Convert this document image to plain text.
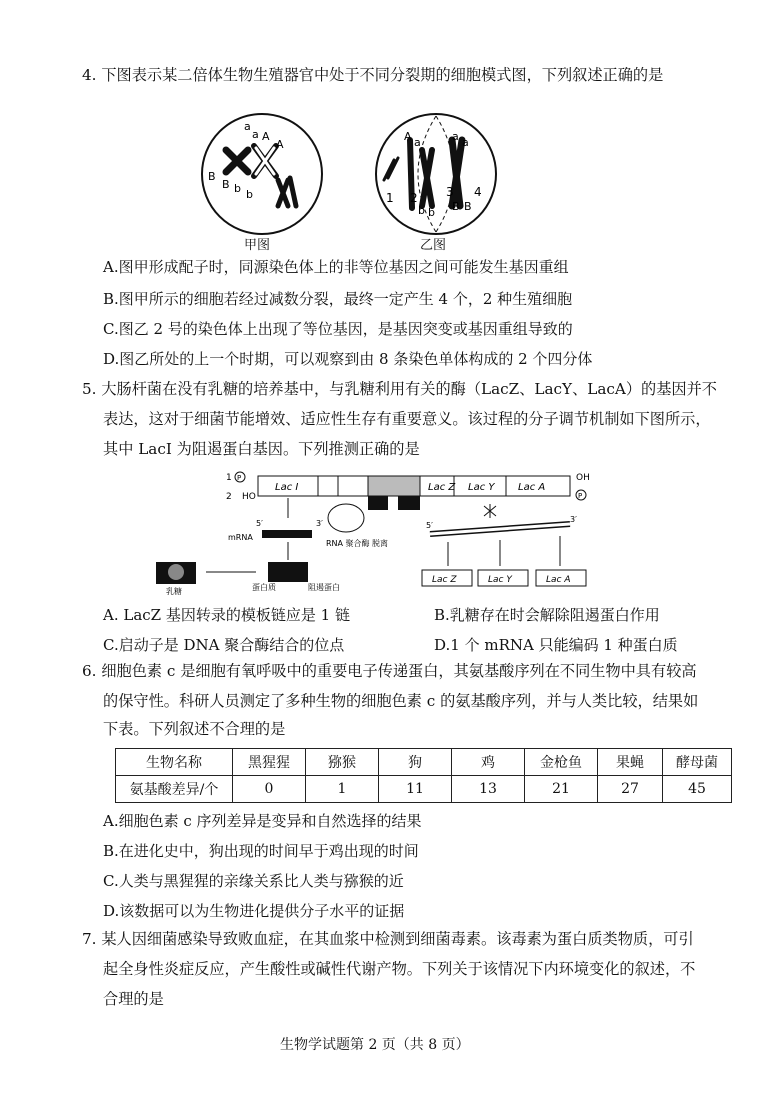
4. 下图表示某二倍体生物生殖器官中处于不同分裂期的细胞模式图，下列叙述正确的是
a
a A
A
B
B b b
甲图
A a	a a
1 2 3 4
b b B B
乙图
A.图甲形成配子时，同源染色体上的非等位基因之间可能发生基因重组
B.图甲所示的细胞若经过减数分裂，最终一定产生 4 个，2 种生殖细胞
C.图乙 2 号的染色体上出现了等位基因，是基因突变或基因重组导致的
D.图乙所处的上一个时期，可以观察到由 8 条染色单体构成的 2 个四分体
5. 大肠杆菌在没有乳糖的培养基中，与乳糖利用有关的酶（LacZ、LacY、LacA）的基因并不
表达，这对于细菌节能增效、适应性生存有重要意义。该过程的分子调节机制如下图所示，
其中 LacI 为阻遏蛋白基因。下列推测正确的是
1
2
P
HO
Lac I	Lac Z Lac Y Lac A
OH
P
5′	3′
mRNA
RNA 聚合酶 脱离
蛋白质	阻遏蛋白
乳糖
5′
3′
Lac Z	Lac Y	Lac A
A. LacZ 基因转录的模板链应是 1 链	B.乳糖存在时会解除阻遏蛋白作用
C.启动子是 DNA 聚合酶结合的位点	D.1 个 mRNA 只能编码 1 种蛋白质
6. 细胞色素 c 是细胞有氧呼吸中的重要电子传递蛋白，其氨基酸序列在不同生物中具有较高
的保守性。科研人员测定了多种生物的细胞色素 c 的氨基酸序列，并与人类比较，结果如
下表。下列叙述不合理的是
生物名称	黑猩猩	猕猴	狗	鸡	金枪鱼	果蝇	酵母菌
氨基酸差异/个	0	1	11	13	21	27	45
A.细胞色素 c 序列差异是变异和自然选择的结果
B.在进化史中，狗出现的时间早于鸡出现的时间
C.人类与黑猩猩的亲缘关系比人类与猕猴的近
D.该数据可以为生物进化提供分子水平的证据
7. 某人因细菌感染导致败血症，在其血浆中检测到细菌毒素。该毒素为蛋白质类物质，可引
起全身性炎症反应，产生酸性或碱性代谢产物。下列关于该情况下内环境变化的叙述，不
合理的是
生物学试题第 2 页（共 8 页）
